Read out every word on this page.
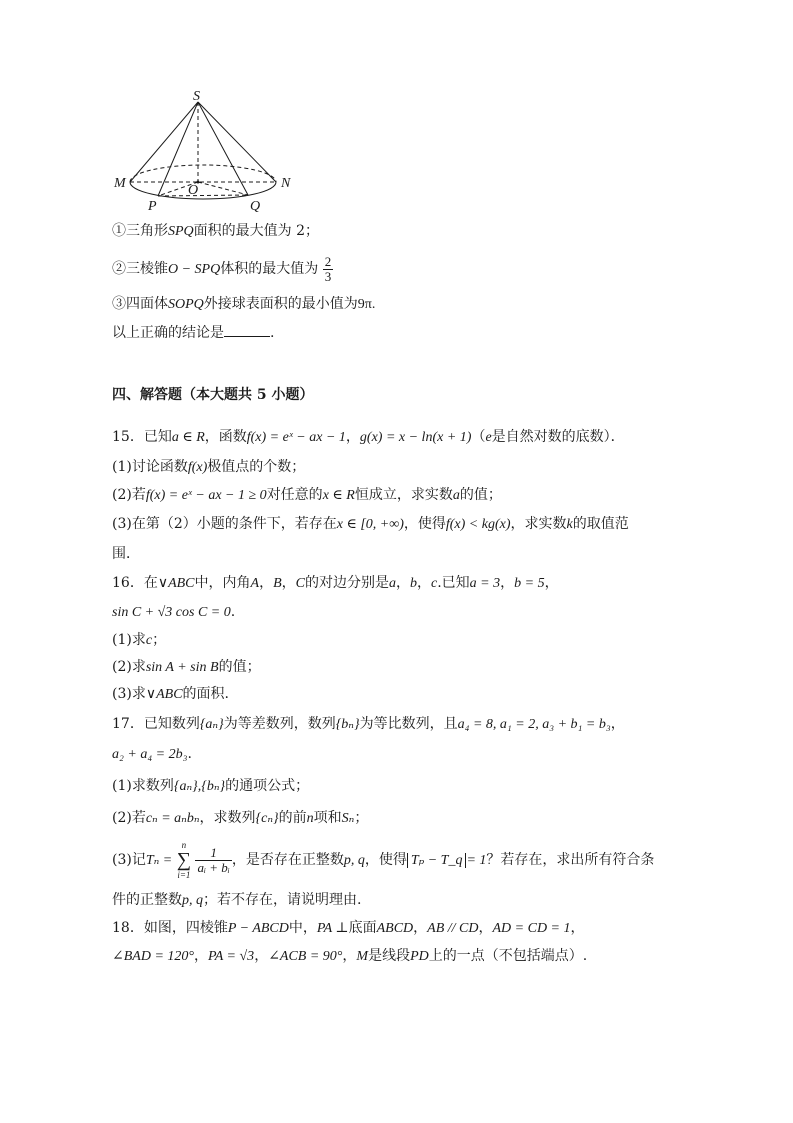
S
M	N
O
P	Q
①三角形SPQ面积的最大值为 2；
②三棱锥O − SPQ体积的最大值为 $\frac{2}{3}$
③四面体SOPQ外接球表面积的最小值为9π.
以上正确的结论是	.
四、解答题（本大题共 5 小题）
15．已知a ∈ R，函数f(x) = eˣ − ax − 1，g(x) = x − ln(x + 1)（e是自然对数的底数）．
(1)讨论函数f(x)极值点的个数；
(2)若f(x) = eˣ − ax − 1 ≥ 0对任意的x ∈ R恒成立，求实数a的值；
(3)在第（2）小题的条件下，若存在x ∈ [0, +∞)，使得f(x) < kg(x)，求实数k的取值范
围．
16．在∨ABC中，内角A，B，C的对边分别是a，b，c.已知a = 3，b = 5，
sin C + √3 cos C = 0.
(1)求c；
(2)求sin A + sin B的值；
(3)求∨ABC的面积.
17．已知数列{aₙ}为等差数列，数列{bₙ}为等比数列，且a₄ = 8, a₁ = 2, a₃ + b₁ = b₃，
a₂ + a₄ = 2b₃.
(1)求数列{aₙ},{bₙ}的通项公式；
(2)若cₙ = aₙbₙ，求数列{cₙ}的前n项和Sₙ；
(3)记Tₙ =
n
∑
i=1

$\frac{1}{\text{aᵢ + bᵢ}}$ ，是否存在正整数p, q，使得 Tₚ − T_q = 1？若存在，求出所有符合条
件的正整数p, q；若不存在，请说明理由.
18．如图，四棱锥P − ABCD中，PA ⊥底面ABCD，AB // CD，AD = CD = 1，
∠BAD = 120°，PA = √3，∠ACB = 90°，M是线段PD上的一点（不包括端点）.
